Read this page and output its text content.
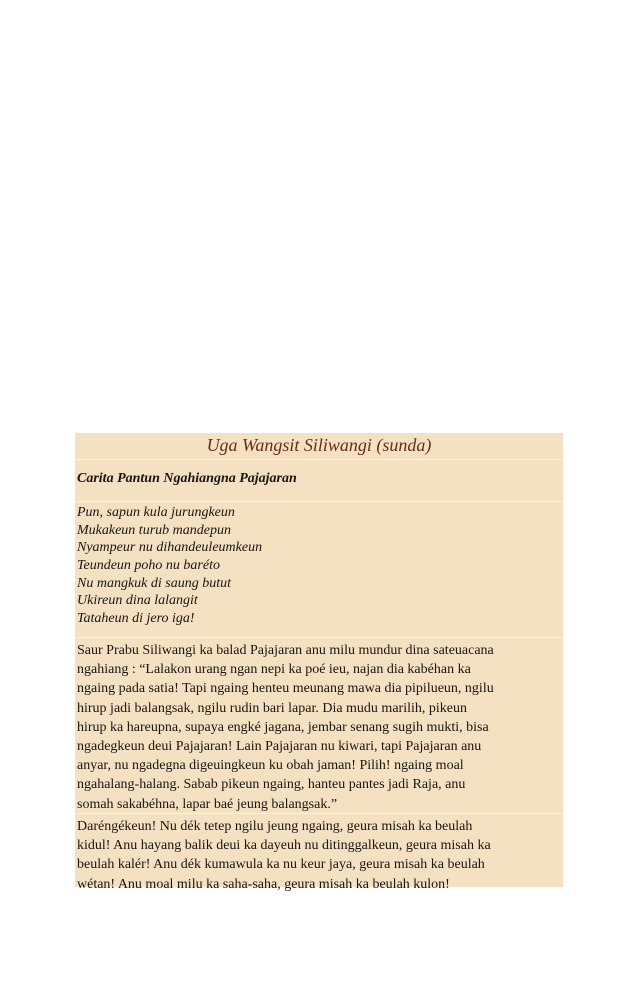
Uga Wangsit Siliwangi (sunda)
Carita Pantun Ngahiangna Pajajaran
Pun, sapun kula jurungkeun
Mukakeun turub mandepun
Nyampeur nu dihandeuleumkeun
Teundeun poho nu baréto
Nu mangkuk di saung butut
Ukireun dina lalangit
Tataheun di jero iga!
Saur Prabu Siliwangi ka balad Pajajaran anu milu mundur dina sateuacana
ngahiang : “Lalakon urang ngan nepi ka poé ieu, najan dia kabéhan ka
ngaing pada satia! Tapi ngaing henteu meunang mawa dia pipilueun, ngilu
hirup jadi balangsak, ngilu rudin bari lapar. Dia mudu marilih, pikeun
hirup ka hareupna, supaya engké jagana, jembar senang sugih mukti, bisa
ngadegkeun deui Pajajaran! Lain Pajajaran nu kiwari, tapi Pajajaran anu
anyar, nu ngadegna digeuingkeun ku obah jaman! Pilih! ngaing moal
ngahalang-halang. Sabab pikeun ngaing, hanteu pantes jadi Raja, anu
somah sakabéhna, lapar baé jeung balangsak.”
Daréngékeun! Nu dék tetep ngilu jeung ngaing, geura misah ka beulah
kidul! Anu hayang balik deui ka dayeuh nu ditinggalkeun, geura misah ka
beulah kalér! Anu dék kumawula ka nu keur jaya, geura misah ka beulah
wétan! Anu moal milu ka saha-saha, geura misah ka beulah kulon!
